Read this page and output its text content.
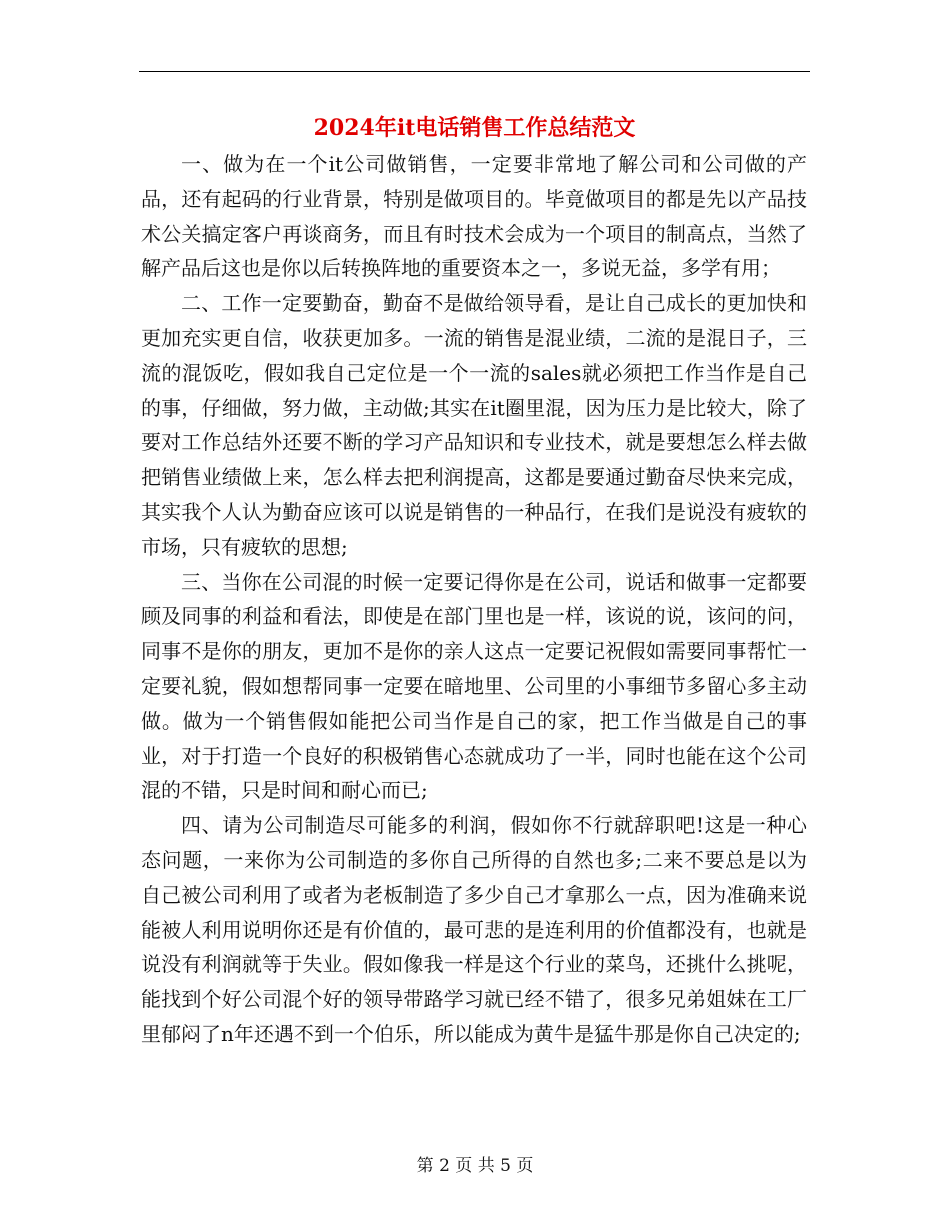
2024年it电话销售工作总结范文

一、做为在一个it公司做销售，一定要非常地了解公司和公司做的产品，还有起码的行业背景，特别是做项目的。毕竟做项目的都是先以产品技术公关搞定客户再谈商务，而且有时技术会成为一个项目的制高点，当然了解产品后这也是你以后转换阵地的重要资本之一，多说无益，多学有用；

二、工作一定要勤奋，勤奋不是做给领导看，是让自己成长的更加快和更加充实更自信，收获更加多。一流的销售是混业绩，二流的是混日子，三流的混饭吃，假如我自己定位是一个一流的sales就必须把工作当作是自己的事，仔细做，努力做，主动做;其实在it圈里混，因为压力是比较大，除了要对工作总结外还要不断的学习产品知识和专业技术，就是要想怎么样去做把销售业绩做上来，怎么样去把利润提高，这都是要通过勤奋尽快来完成，其实我个人认为勤奋应该可以说是销售的一种品行，在我们是说没有疲软的市场，只有疲软的思想;

三、当你在公司混的时候一定要记得你是在公司，说话和做事一定都要顾及同事的利益和看法，即使是在部门里也是一样，该说的说，该问的问，同事不是你的朋友，更加不是你的亲人这点一定要记祝假如需要同事帮忙一定要礼貌，假如想帮同事一定要在暗地里、公司里的小事细节多留心多主动做。做为一个销售假如能把公司当作是自己的家，把工作当做是自己的事业，对于打造一个良好的积极销售心态就成功了一半，同时也能在这个公司混的不错，只是时间和耐心而已;

四、请为公司制造尽可能多的利润，假如你不行就辞职吧!这是一种心态问题，一来你为公司制造的多你自己所得的自然也多;二来不要总是以为自己被公司利用了或者为老板制造了多少自己才拿那么一点，因为准确来说能被人利用说明你还是有价值的，最可悲的是连利用的价值都没有，也就是说没有利润就等于失业。假如像我一样是这个行业的菜鸟，还挑什么挑呢，能找到个好公司混个好的领导带路学习就已经不错了，很多兄弟姐妹在工厂里郁闷了n年还遇不到一个伯乐，所以能成为黄牛是猛牛那是你自己决定的;

第 2 页 共 5 页
